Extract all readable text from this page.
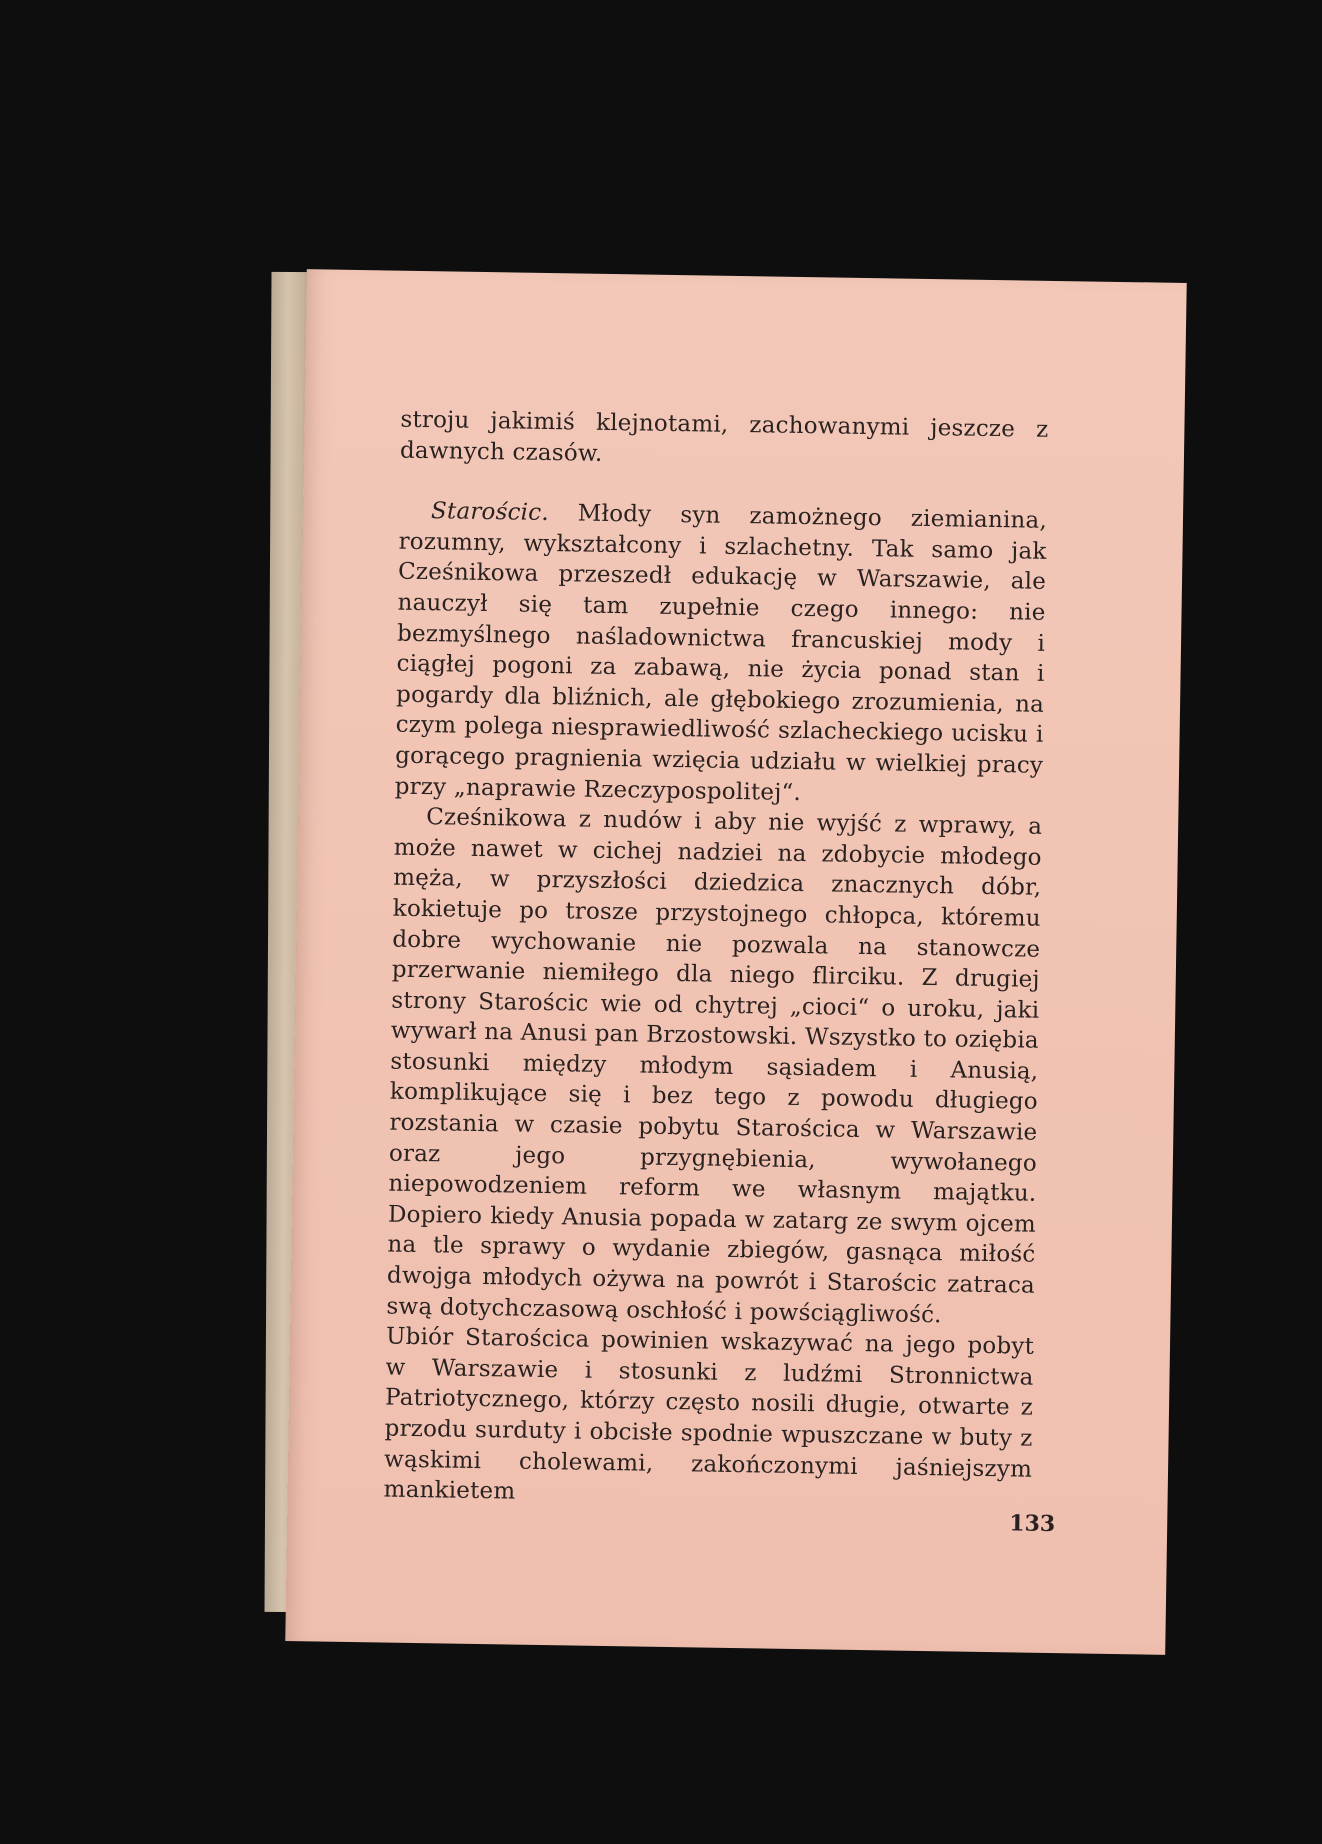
stroju jakimiś klejnotami, zachowanymi jeszcze z dawnych czasów.

Starościc. Młody syn zamożnego ziemianina, rozumny, wykształcony i szlachetny. Tak samo jak Cześnikowa przeszedł edukację w Warszawie, ale nauczył się tam zupełnie czego innego: nie bezmyślnego naśladownictwa francuskiej mody i ciągłej pogoni za zabawą, nie życia ponad stan i pogardy dla bliźnich, ale głębokiego zrozumienia, na czym polega niesprawiedliwość szlacheckiego ucisku i gorącego pragnienia wzięcia udziału w wielkiej pracy przy „naprawie Rzeczypospolitej“.

Cześnikowa z nudów i aby nie wyjść z wprawy, a może nawet w cichej nadziei na zdobycie młodego męża, w przyszłości dziedzica znacznych dóbr, kokietuje po trosze przystojnego chłopca, któremu dobre wychowanie nie pozwala na stanowcze przerwanie niemiłego dla niego flirciku. Z drugiej strony Starościc wie od chytrej „cioci“ o uroku, jaki wywarł na Anusi pan Brzostowski. Wszystko to oziębia stosunki między młodym sąsiadem i Anusią, komplikujące się i bez tego z powodu długiego rozstania w czasie pobytu Starościca w Warszawie oraz jego przygnębienia, wywołanego niepowodzeniem reform we własnym majątku. Dopiero kiedy Anusia popada w zatarg ze swym ojcem na tle sprawy o wydanie zbiegów, gasnąca miłość dwojga młodych ożywa na powrót i Starościc zatraca swą dotychczasową oschłość i powściągliwość.

Ubiór Starościca powinien wskazywać na jego pobyt w Warszawie i stosunki z ludźmi Stronnictwa Patriotycznego, którzy często nosili długie, otwarte z przodu surduty i obcisłe spodnie wpuszczane w buty z wąskimi cholewami, zakończonymi jaśniejszym mankietem

133
